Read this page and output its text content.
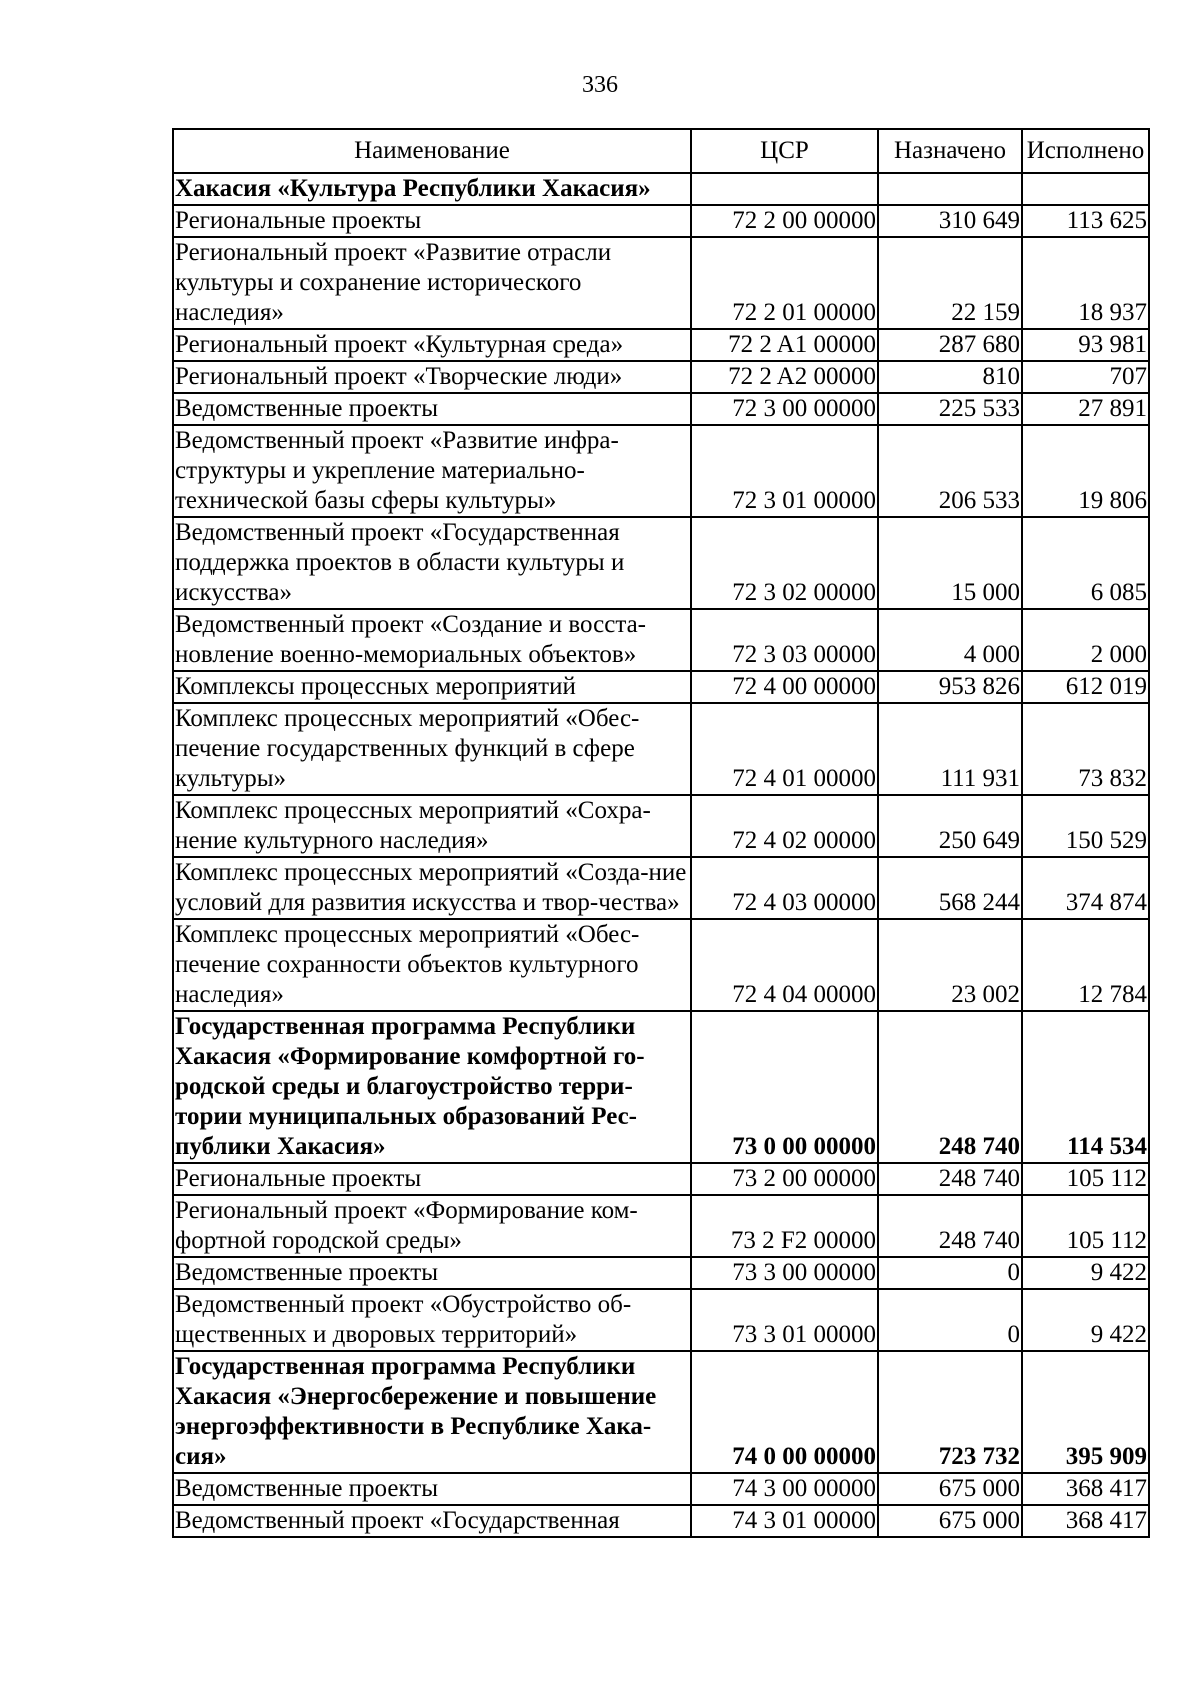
336
Наименование	ЦСР	Назначено	Исполнено
Хакасия «Культура Республики Хакасия»			
Региональные проекты	72 2 00 00000	310 649	113 625
Региональный проект «Развитие отрасли культуры и сохранение исторического наследия»	72 2 01 00000	22 159	18 937
Региональный проект «Культурная среда»	72 2 A1 00000	287 680	93 981
Региональный проект «Творческие люди»	72 2 A2 00000	810	707
Ведомственные проекты	72 3 00 00000	225 533	27 891
Ведомственный проект «Развитие инфра-структуры и укрепление материально-технической базы сферы культуры»	72 3 01 00000	206 533	19 806
Ведомственный проект «Государственная поддержка проектов в области культуры и искусства»	72 3 02 00000	15 000	6 085
Ведомственный проект «Создание и восста-новление военно-мемориальных объектов»	72 3 03 00000	4 000	2 000
Комплексы процессных мероприятий	72 4 00 00000	953 826	612 019
Комплекс процессных мероприятий «Обес-печение государственных функций в сфере культуры»	72 4 01 00000	111 931	73 832
Комплекс процессных мероприятий «Сохра-нение культурного наследия»	72 4 02 00000	250 649	150 529
Комплекс процессных мероприятий «Созда-ние условий для развития искусства и твор-чества»	72 4 03 00000	568 244	374 874
Комплекс процессных мероприятий «Обес-печение сохранности объектов культурного наследия»	72 4 04 00000	23 002	12 784
Государственная программа Республики Хакасия «Формирование комфортной го-родской среды и благоустройство терри-тории муниципальных образований Рес-публики Хакасия»	73 0 00 00000	248 740	114 534
Региональные проекты	73 2 00 00000	248 740	105 112
Региональный проект «Формирование ком-фортной городской среды»	73 2 F2 00000	248 740	105 112
Ведомственные проекты	73 3 00 00000	0	9 422
Ведомственный проект «Обустройство об-щественных и дворовых территорий»	73 3 01 00000	0	9 422
Государственная программа Республики Хакасия «Энергосбережение и повышение энергоэффективности в Республике Хака-сия»	74 0 00 00000	723 732	395 909
Ведомственные проекты	74 3 00 00000	675 000	368 417
Ведомственный проект «Государственная	74 3 01 00000	675 000	368 417
